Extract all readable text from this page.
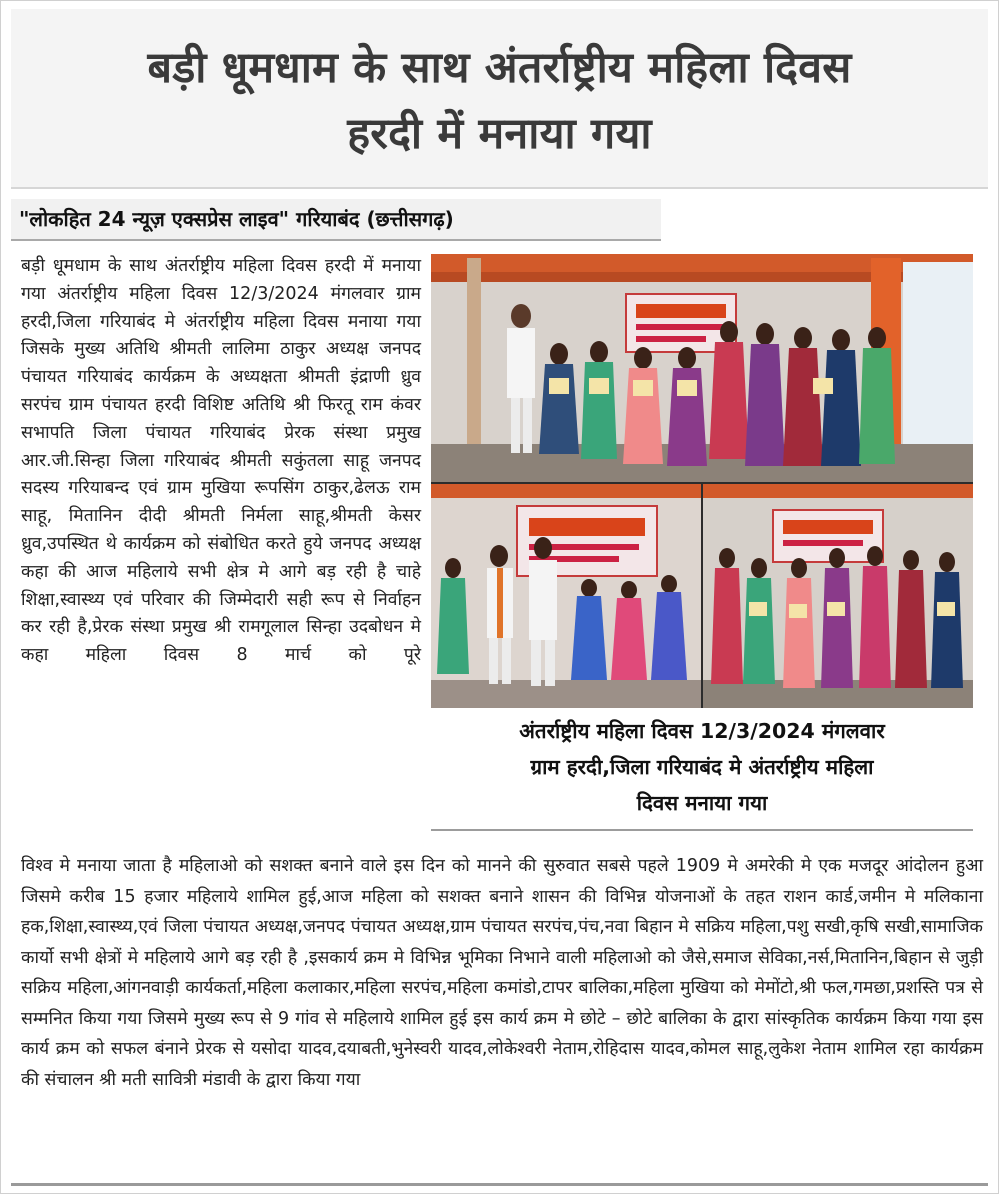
बड़ी धूमधाम के साथ अंतर्राष्ट्रीय महिला दिवस
हरदी में मनाया गया
"लोकहित 24 न्यूज़ एक्सप्रेस लाइव" गरियाबंद (छत्तीसगढ़)
बड़ी धूमधाम के साथ अंतर्राष्ट्रीय महिला दिवस हरदी में मनाया गया अंतर्राष्ट्रीय महिला दिवस 12/3/2024 मंगलवार ग्राम हरदी,जिला गरियाबंद मे अंतर्राष्ट्रीय महिला दिवस मनाया गया जिसके मुख्य अतिथि श्रीमती लालिमा ठाकुर अध्यक्ष जनपद पंचायत गरियाबंद कार्यक्रम के अध्यक्षता श्रीमती इंद्राणी ध्रुव सरपंच ग्राम पंचायत हरदी विशिष्ट अतिथि श्री फिरतू राम कंवर सभापति जिला पंचायत गरियाबंद प्रेरक संस्था प्रमुख आर.जी.सिन्हा जिला गरियाबंद श्रीमती सकुंतला साहू जनपद सदस्य गरियाबन्द एवं ग्राम मुखिया रूपसिंग ठाकुर,ढेलऊ राम साहू, मितानिन दीदी श्रीमती निर्मला साहू,श्रीमती केसर ध्रुव,उपस्थित थे कार्यक्रम को संबोधित करते हुये जनपद अध्यक्ष कहा की आज महिलाये सभी क्षेत्र मे आगे बड़ रही है चाहे शिक्षा,स्वास्थ्य एवं परिवार की जिम्मेदारी सही रूप से निर्वाहन कर रही है,प्रेरक संस्था प्रमुख श्री रामगूलाल सिन्हा उदबोधन मे कहा महिला दिवस 8 मार्च को पूरे
अंतर्राष्ट्रीय महिला दिवस 12/3/2024 मंगलवार
ग्राम हरदी,जिला गरियाबंद मे अंतर्राष्ट्रीय महिला
दिवस मनाया गया
विश्व मे मनाया जाता है महिलाओ को सशक्त बनाने वाले इस दिन को मानने की सुरुवात सबसे पहले 1909 मे अमरेकी मे एक मजदूर आंदोलन हुआ जिसमे करीब 15 हजार महिलाये शामिल हुई,आज महिला को सशक्त बनाने शासन की विभिन्न योजनाओं के तहत राशन कार्ड,जमीन मे मलिकाना हक,शिक्षा,स्वास्थ्य,एवं जिला पंचायत अध्यक्ष,जनपद पंचायत अध्यक्ष,ग्राम पंचायत सरपंच,पंच,नवा बिहान मे सक्रिय महिला,पशु सखी,कृषि सखी,सामाजिक कार्यो सभी क्षेत्रों मे महिलाये आगे बड़ रही है ,इसकार्य क्रम मे विभिन्न भूमिका निभाने वाली महिलाओ को जैसे,समाज सेविका,नर्स,मितानिन,बिहान से जुड़ी सक्रिय महिला,आंगनवाड़ी कार्यकर्ता,महिला कलाकार,महिला सरपंच,महिला कमांडो,टापर बालिका,महिला मुखिया को मेमोंटो,श्री फल,गमछा,प्रशस्ति पत्र से सम्मनित किया गया जिसमे मुख्य रूप से 9 गांव से महिलाये शामिल हुई इस कार्य क्रम मे छोटे – छोटे बालिका के द्वारा सांस्कृतिक कार्यक्रम किया गया इस कार्य क्रम को सफल बंनाने प्रेरक से यसोदा यादव,दयाबती,भुनेस्वरी यादव,लोकेश्वरी नेताम,रोहिदास यादव,कोमल साहू,लुकेश नेताम शामिल रहा कार्यक्रम की संचालन श्री मती सावित्री मंडावी के द्वारा किया गया
